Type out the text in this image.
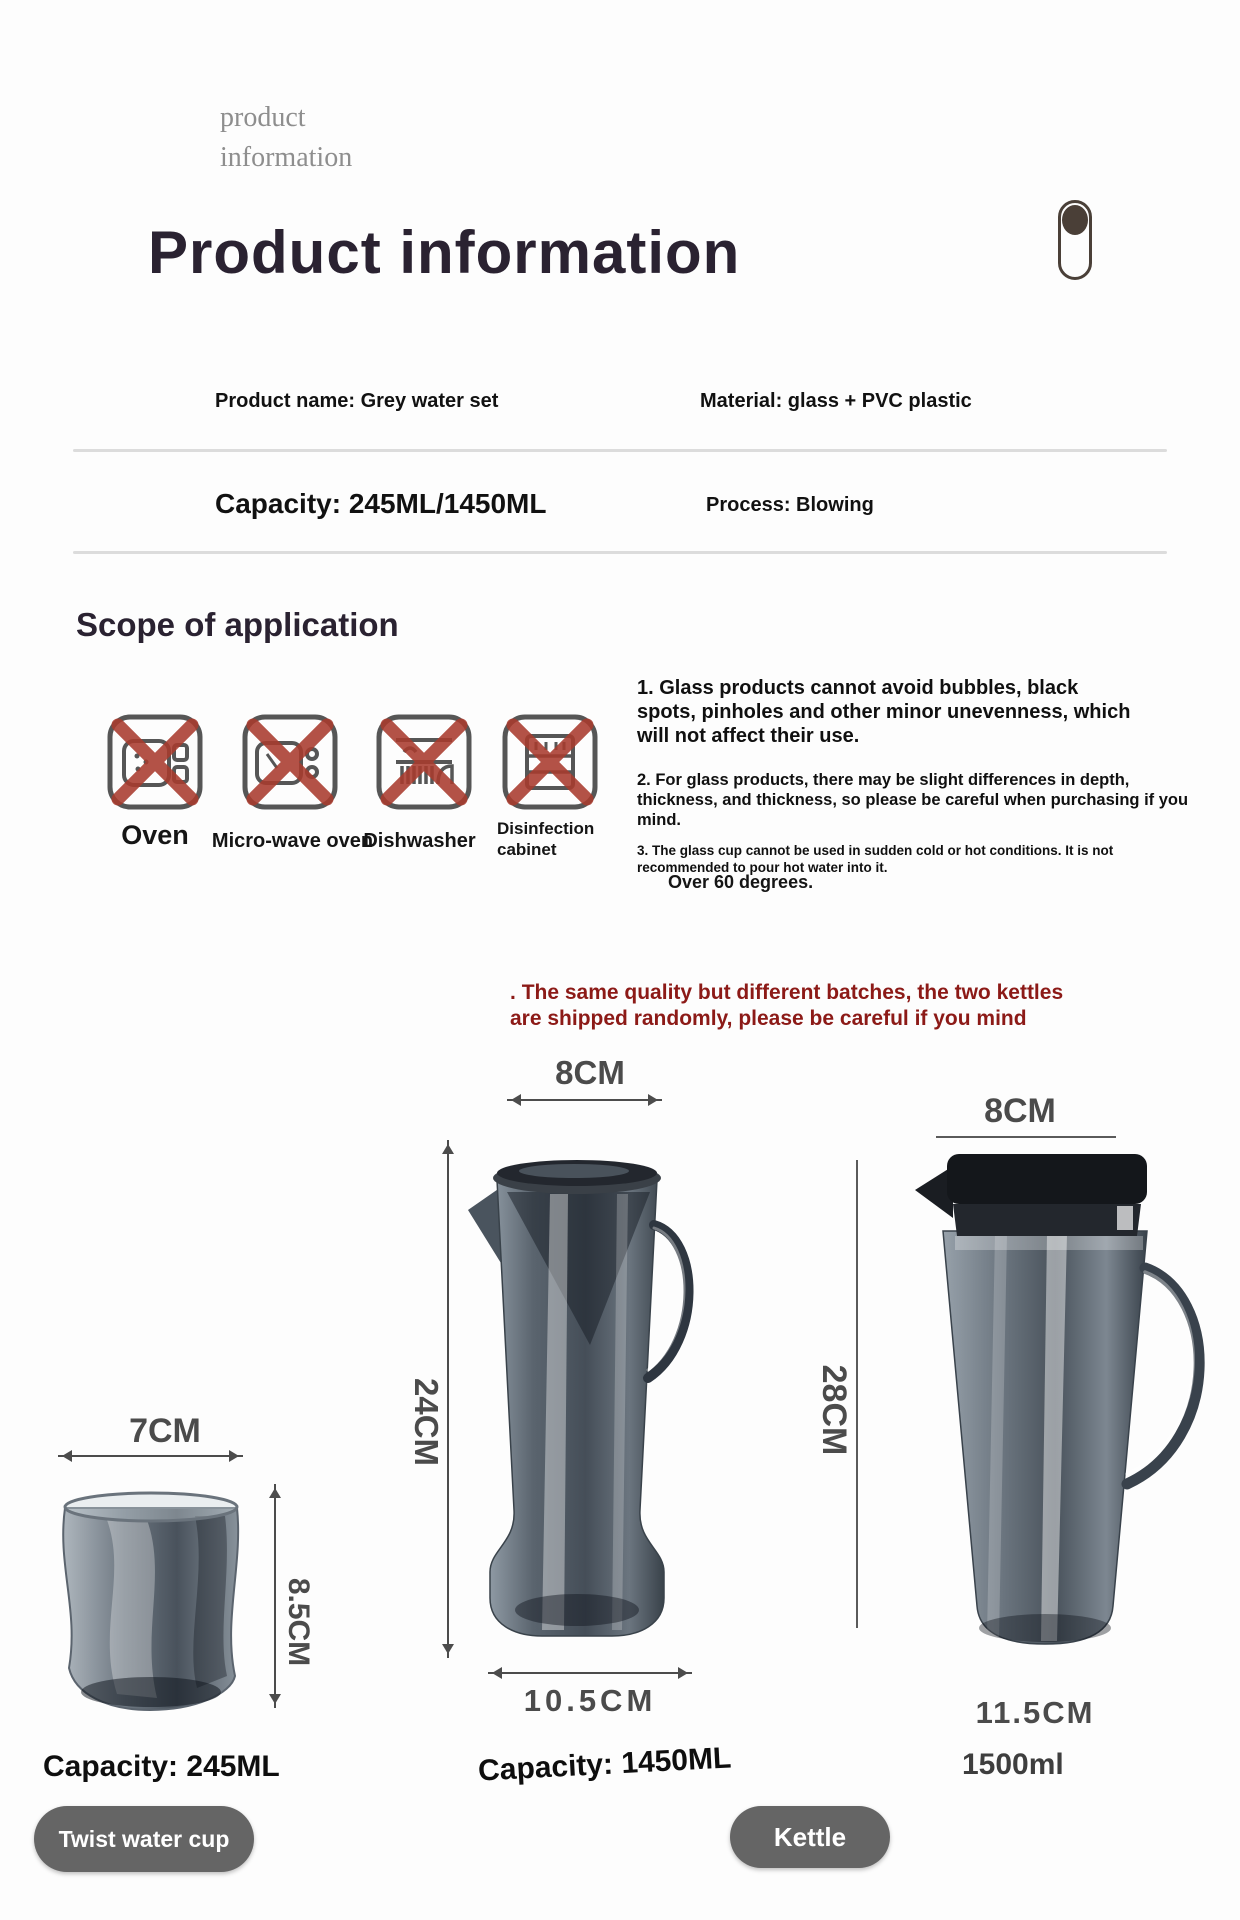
product
information
Product information
Product name: Grey water set	Material: glass + PVC plastic
Capacity: 245ML/1450ML	Process: Blowing
Scope of application
Oven	Micro-wave oven
Dishwasher
Disinfection cabinet
1. Glass products cannot avoid bubbles, black spots, pinholes and other minor unevenness, which will not affect their use.
2. For glass products, there may be slight differences in depth, thickness, and thickness, so please be careful when purchasing if you mind.
3. The glass cup cannot be used in sudden cold or hot conditions. It is not recommended to pour hot water into it.
Over 60 degrees.
. The same quality but different batches, the two kettles are shipped randomly, please be careful if you mind
8CM
24CM
10.5CM
Capacity: 1450ML
Kettle
8CM
28CM
11.5CM
1500ml
7CM
8.5CM
Capacity: 245ML
Twist water cup
